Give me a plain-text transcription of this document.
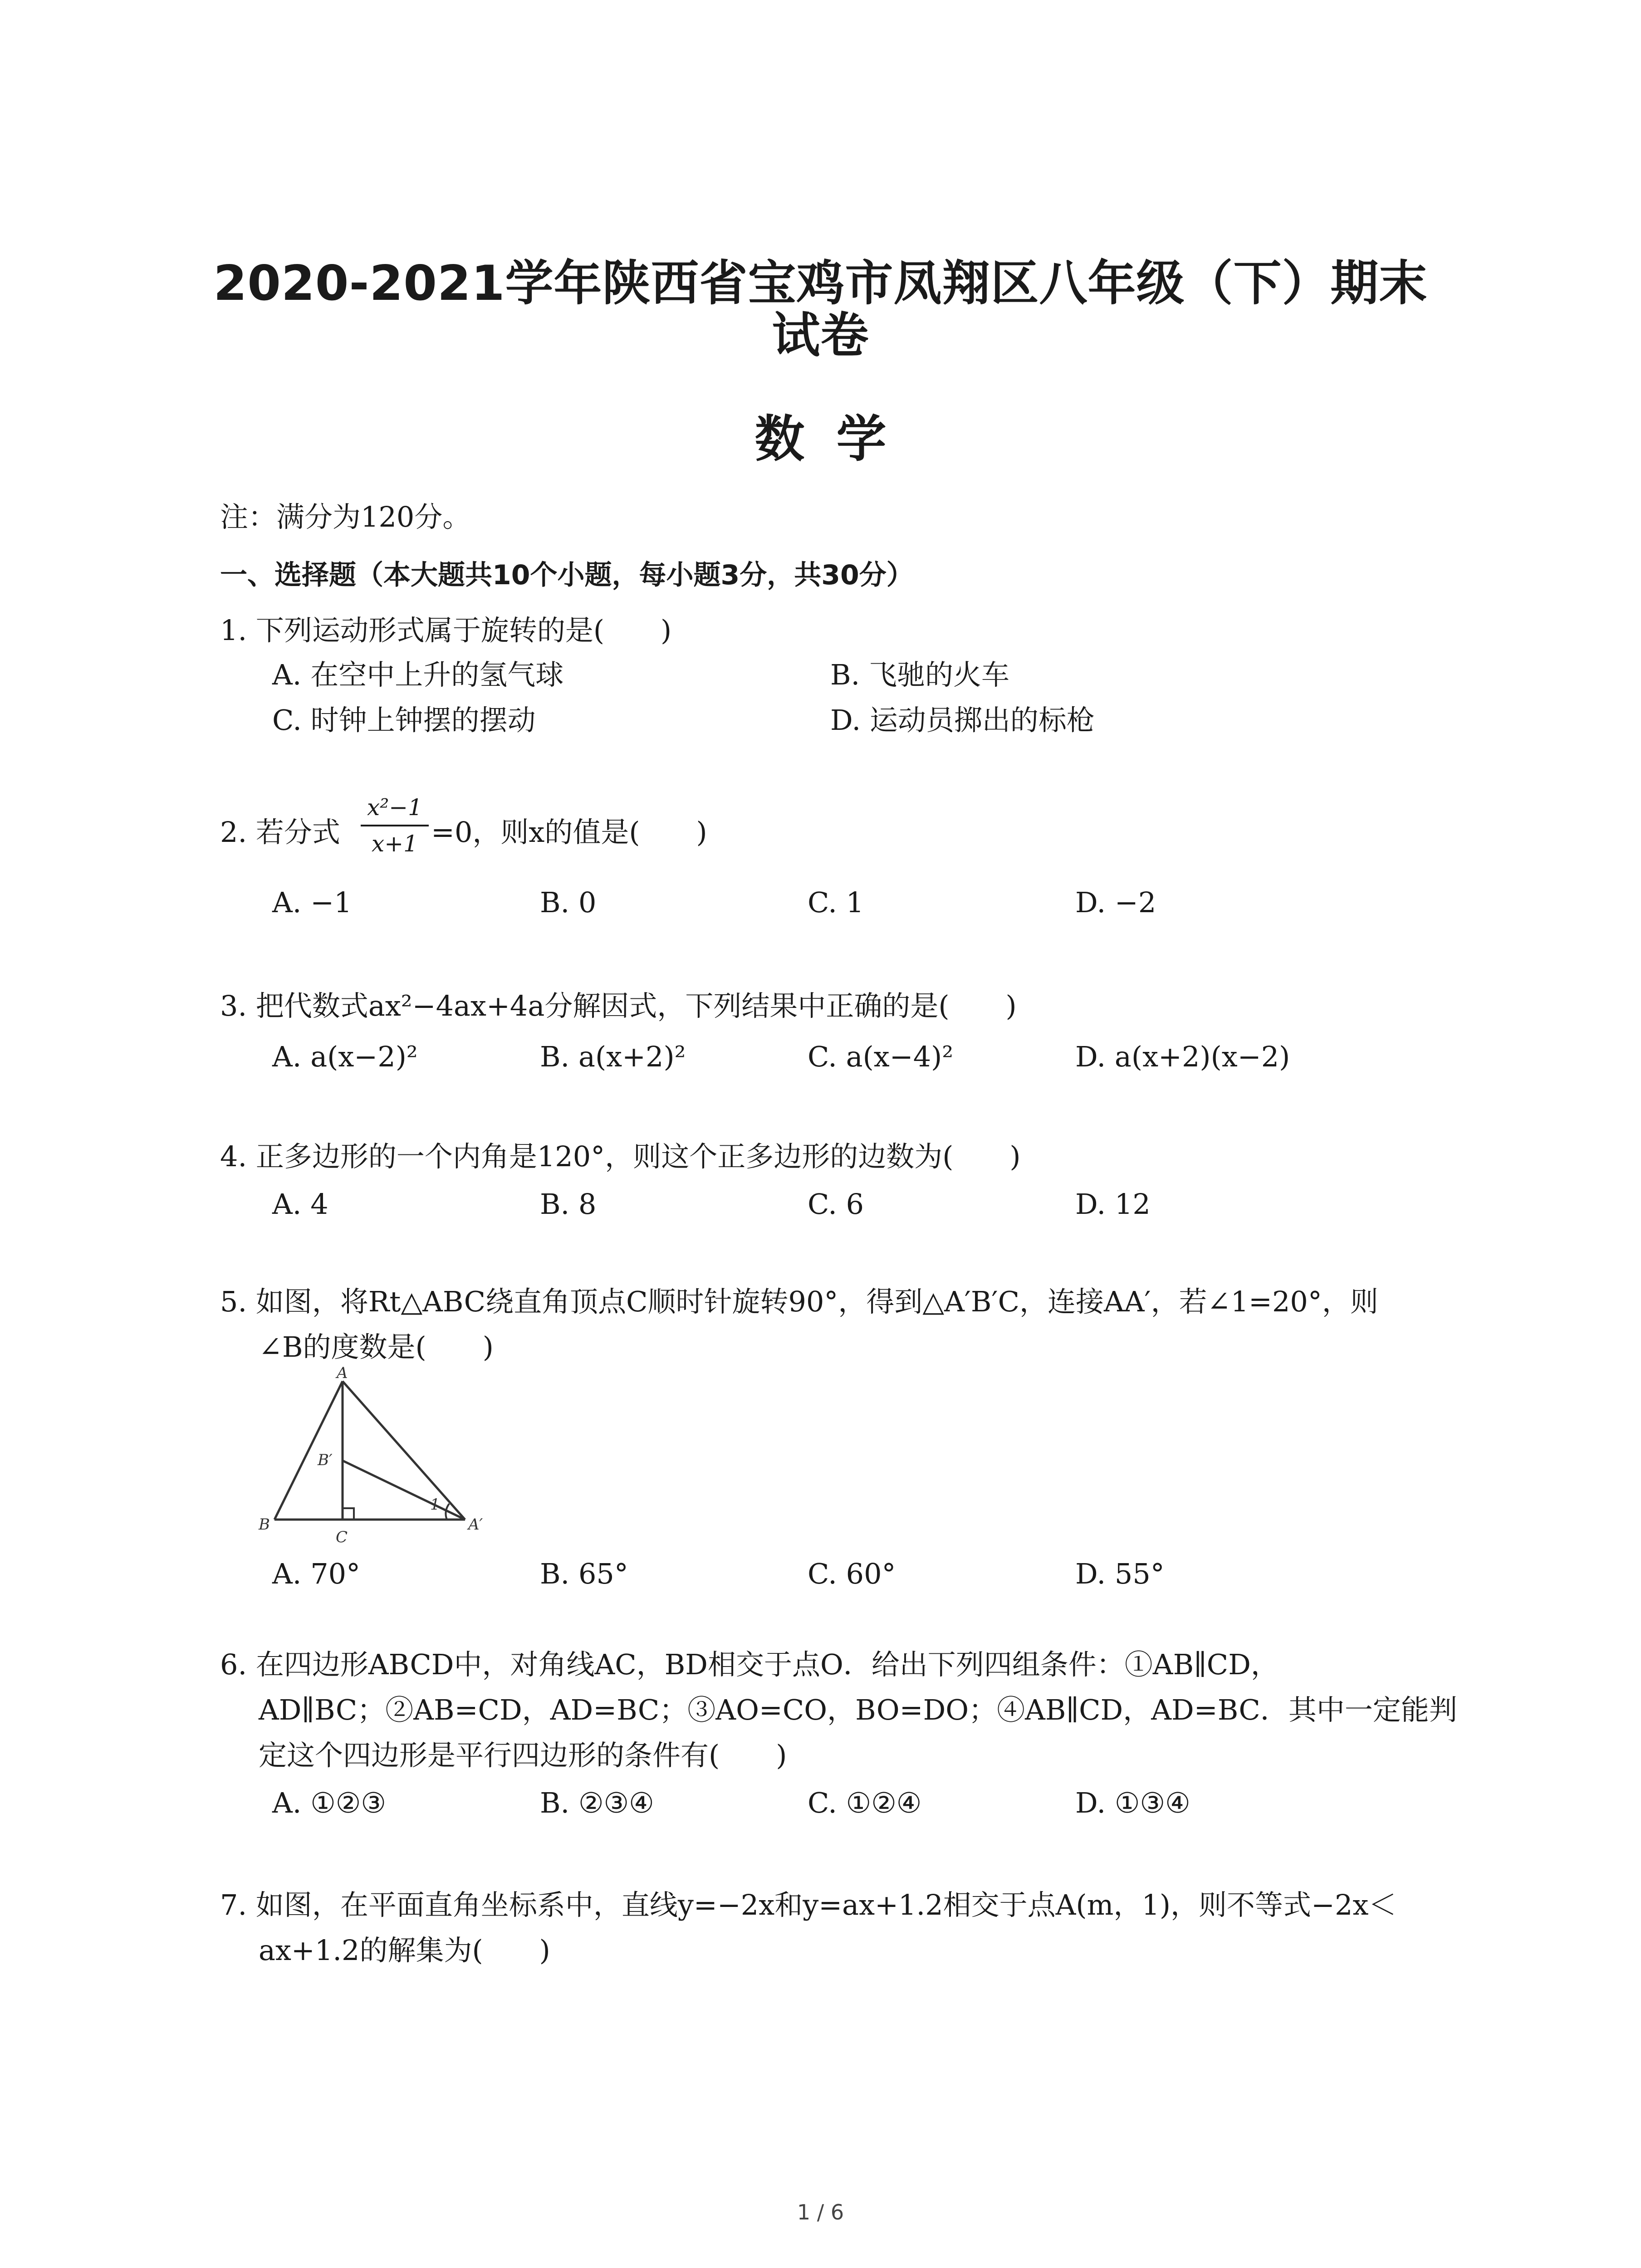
2020-2021学年陕西省宝鸡市凤翔区八年级（下）期末
试卷
数学
注：满分为120分。
一、选择题（本大题共10个小题，每小题3分，共30分）
1. 下列运动形式属于旋转的是(　　)
A. 在空中上升的氢气球	B. 飞驰的火车
C. 时钟上钟摆的摆动	D. 运动员掷出的标枪
2. 若分式
x²−1
x+1 =0，则x的值是(　　)
A. −1	B. 0	C. 1	D. −2
3. 把代数式ax²−4ax+4a分解因式，下列结果中正确的是(　　)
A. a(x−2)²	B. a(x+2)²	C. a(x−4)²	D. a(x+2)(x−2)
4. 正多边形的一个内角是120°，则这个正多边形的边数为(　　)
A. 4	B. 8	C. 6	D. 12
5. 如图，将Rt△ABC绕直角顶点C顺时针旋转90°，得到△A′B′C，连接AA′，若∠1=20°，则
∠B的度数是(　　)
A
B
C
B′
A′
1
A. 70°	B. 65°	C. 60°	D. 55°
6. 在四边形ABCD中，对角线AC，BD相交于点O．给出下列四组条件：①AB∥CD，
AD∥BC；②AB=CD，AD=BC；③AO=CO，BO=DO；④AB∥CD，AD=BC．其中一定能判
定这个四边形是平行四边形的条件有(　　)
A. ①②③	B. ②③④	C. ①②④	D. ①③④
7. 如图，在平面直角坐标系中，直线y=−2x和y=ax+1.2相交于点A(m，1)，则不等式−2x＜
ax+1.2的解集为(　　)
1 / 6
